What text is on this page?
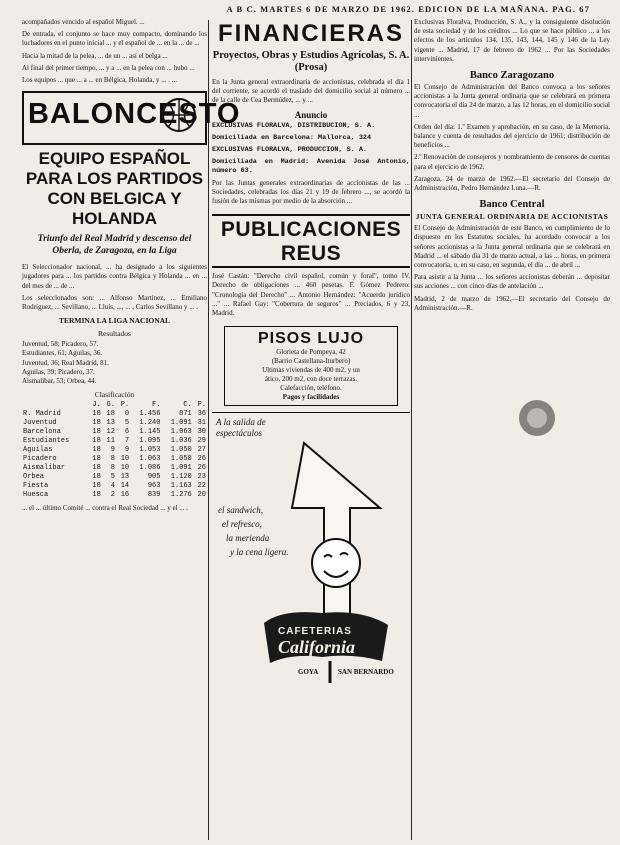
A B C. MARTES 6 DE MARZO DE 1962. EDICION DE LA MAÑANA. PAG. 67

acompañados vencido al español Miguel. ...

De entrada, el conjunto se hace muy compacto, dominando los luchadores en el punto inicial ... y el español de ... en la ... de ...

Hacia la mitad de la pelea, ... de un ... así el belga ...

Al final del primer tiempo, ... y a ... en la pelea con ... hubo ...

Los equipos ... que ... a ... en Bélgica, Holanda, y ... . ...

BALONCESTO
EQUIPO ESPAÑOL PARA LOS PARTIDOS CON BELGICA Y HOLANDA
Triunfo del Real Madrid y descenso del Oberla, de Zaragoza, en la Liga

El Seleccionador nacional, ... ha designado a los siguientes jugadores para ... los partidos contra Bélgica y Holanda ... en ... del mes de ... de ...

Los seleccionados son: ... Alfonso Martínez, ... Emiliano Rodríguez, ... Sevillano, ... Lluís, ..., ... , Carlos Sevillano y ... .

TERMINA LA LIGA NACIONAL
Resultados
Juventud, 58; Picadero, 57.
Estudiantes, 61; Aguilas, 36.
Juventud, 36; Real Madrid, 81.
Aguilas, 39; Picadero, 37.
Aismalibar, 53; Orbea, 44.
Clasificación
	J.	G.	P.	F.	C.	P.
R. Madrid	18	18	0	1.456	871	36
Juventud	18	13	5	1.240	1.091	31
Barcelona	18	12	6	1.145	1.063	30
Estudiantes	18	11	7	1.095	1.036	29
Aguilas	18	9	9	1.053	1.050	27
Picadero	18	8	10	1.063	1.050	26
Aismalibar	18	8	10	1.086	1.091	26
Orbea	18	5	13	905	1.120	23
Fiesta	18	4	14	963	1.163	22
Huesca	18	2	16	839	1.276	20

... el ... último Comité ... contra el Real Sociedad ... y el ... .

FINANCIERAS
Proyectos, Obras y Estudios Agrícolas, S. A. (Prosa)

En la Junta general extraordinaria de accionistas, celebrada el día 1 del corriente, se acordó el traslado del domicilio social al número ... de la calle de Cea Bermúdez, ... y ...

Anuncio

EXCLUSIVAS FLORALVA, DISTRIBUCION, S. A.

Domiciliada en Barcelona: Mallorca, 324

EXCLUSIVAS FLORALVA, PRODUCCION, S. A.

Domiciliada en Madrid: Avenida José Antonio, número 63.

Por las Juntas generales extraordinarias de accionistas de las ... Sociedades, celebradas los días 21 y 19 de febrero ..., se acordó la fusión de las mismas por medio de la absorción ...

PUBLICACIONES REUS

José Castán: "Derecho civil español, común y foral", tomo IV. Derecho de obligaciones ... 460 pesetas. F. Gómez Pedrero: "Cronología del Derecho" ... Antonio Hernández: "Acuerdo jurídico ..." ... Rafael Gay: "Cobertura de seguros" ... Preciados, 6 y 23, Madrid.

PISOS LUJO
Glorieta de Pompeya, 42
(Barrio Castellana-Iturbero)
Ultimas viviendas de 400 m2, y un
ático, 200 m2, con doce terrazas.
Calefacción, teléfono.
Pagos y facilidades
A la salida de espectáculos
el sandwich,
el refresco,
la merienda
y la cena ligera.
CAFETERIAS
California
GOYA	SAN BERNARDO

Exclusivas Floralva, Producción, S. A., y la consiguiente disolución de esta sociedad y de los créditos ... Lo que se hace público ... a los efectos de los artículos 134, 135, 143, 144, 145 y 146 de la Ley vigente ... Madrid, 17 de febrero de 1962 ... Por las Sociedades intervinientes.

Banco Zaragozano

El Consejo de Administración del Banco convoca a los señores accionistas a la Junta general ordinaria que se celebrará en primera convocatoria el día 24 de marzo, a las 12 horas, en el domicilio social ...

Orden del día: 1.º Examen y aprobación, en su caso, de la Memoria, balance y cuenta de resultados del ejercicio de 1961; distribución de beneficios ...

2.º Renovación de consejeros y nombramiento de censores de cuentas para el ejercicio de 1962.

Zaragoza, 24 de marzo de 1962.—El secretario del Consejo de Administración, Pedro Hernández Luna.—R.

Banco Central
JUNTA GENERAL ORDINARIA DE ACCIONISTAS

El Consejo de Administración de este Banco, en cumplimiento de lo dispuesto en los Estatutos sociales, ha acordado convocar a los señores accionistas a la Junta general ordinaria que se celebrará en Madrid ... el sábado día 31 de marzo actual, a las ... horas, en primera convocatoria, o, en su caso, en segunda, el día ... de abril ...

Para asistir a la Junta ... los señores accionistas deberán ... depositar sus acciones ... con cinco días de antelación ...

Madrid, 2 de marzo de 1962.—El secretario del Consejo de Administración.—R.
